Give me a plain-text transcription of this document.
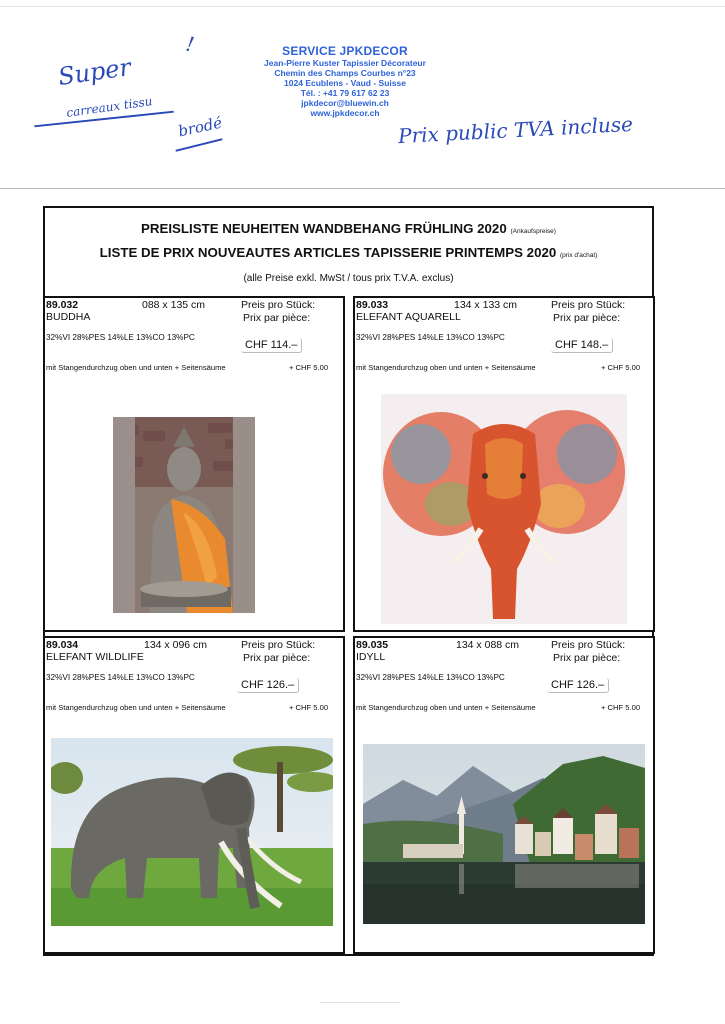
Super
!
carreaux tissu
brodé	Prix public TVA incluse
SERVICE JPKDECOR
Jean-Pierre Kuster Tapissier Décorateur
Chemin des Champs Courbes n°23
1024 Ecublens - Vaud - Suisse
Tél. : +41 79 617 62 23
jpkdecor@bluewin.ch
www.jpkdecor.ch
PREISLISTE NEUHEITEN WANDBEHANG FRÜHLING 2020 (Ankaufspreise)
LISTE DE PRIX NOUVEAUTES ARTICLES TAPISSERIE PRINTEMPS 2020 (prix d'achat)
(alle Preise exkl. MwSt / tous prix T.V.A. exclus)
89.032	088 x 135 cm
BUDDHA
Preis pro Stück:
Prix par pièce:
32%VI 28%PES 14%LE 13%CO 13%PC
CHF 114.–
mit Stangendurchzug oben und unten + Seitensäume	+ CHF 5.00
89.033	134 x 133 cm
ELEFANT AQUARELL
Preis pro Stück:
Prix par pièce:
32%VI 28%PES 14%LE 13%CO 13%PC
CHF 148.–
mit Stangendurchzug oben und unten + Seitensäume	+ CHF 5.00
89.034	134 x 096 cm
ELEFANT WILDLIFE
Preis pro Stück:
Prix par pièce:
32%VI 28%PES 14%LE 13%CO 13%PC
CHF 126.–
mit Stangendurchzug oben und unten + Seitensäume	+ CHF 5.00
89.035	134 x 088 cm
IDYLL
Preis pro Stück:
Prix par pièce:
32%VI 28%PES 14%LE 13%CO 13%PC
CHF 126.–
mit Stangendurchzug oben und unten + Seitensäume	+ CHF 5.00
